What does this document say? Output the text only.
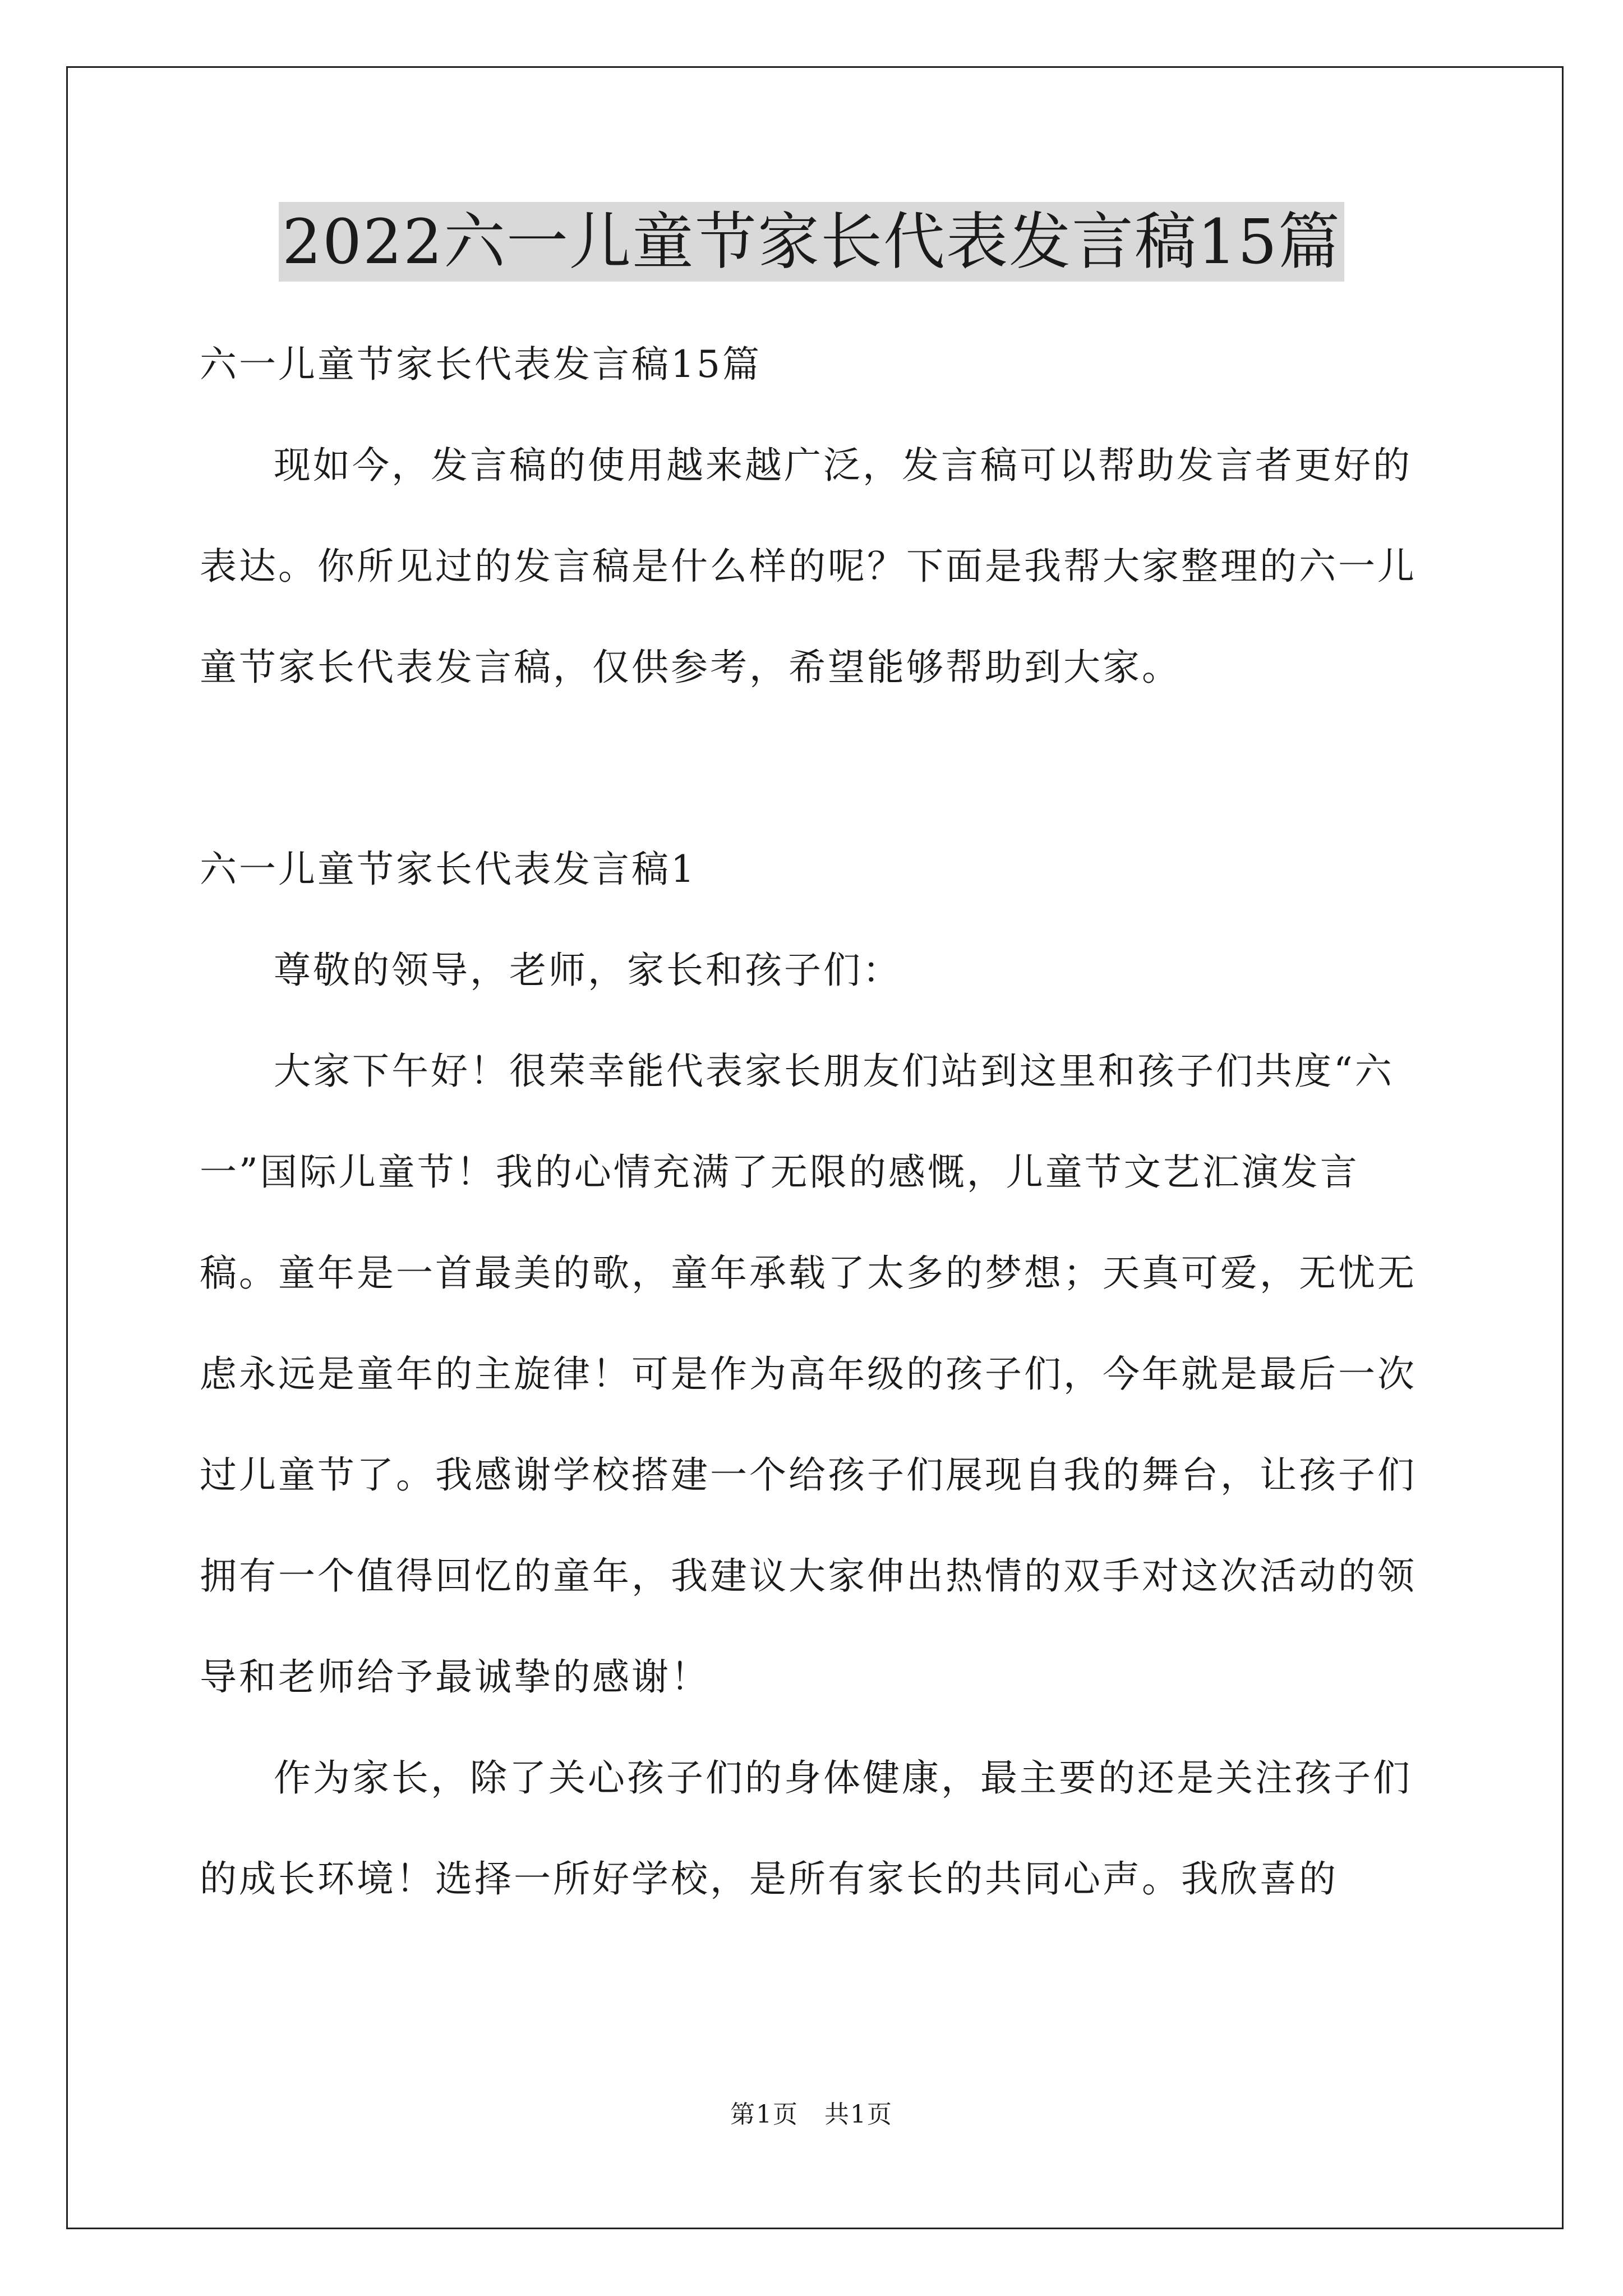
2022六一儿童节家长代表发言稿15篇

六一儿童节家长代表发言稿15篇

现如今，发言稿的使用越来越广泛，发言稿可以帮助发言者更好的表达。你所见过的发言稿是什么样的呢？下面是我帮大家整理的六一儿童节家长代表发言稿，仅供参考，希望能够帮助到大家。

六一儿童节家长代表发言稿1

尊敬的领导，老师，家长和孩子们：

大家下午好！很荣幸能代表家长朋友们站到这里和孩子们共度“六一”国际儿童节！我的心情充满了无限的感慨，儿童节文艺汇演发言稿。童年是一首最美的歌，童年承载了太多的梦想；天真可爱，无忧无虑永远是童年的主旋律！可是作为高年级的孩子们，今年就是最后一次过儿童节了。我感谢学校搭建一个给孩子们展现自我的舞台，让孩子们拥有一个值得回忆的童年，我建议大家伸出热情的双手对这次活动的领导和老师给予最诚挚的感谢！

作为家长，除了关心孩子们的身体健康，最主要的还是关注孩子们的成长环境！选择一所好学校，是所有家长的共同心声。我欣喜的

第1页　共1页
